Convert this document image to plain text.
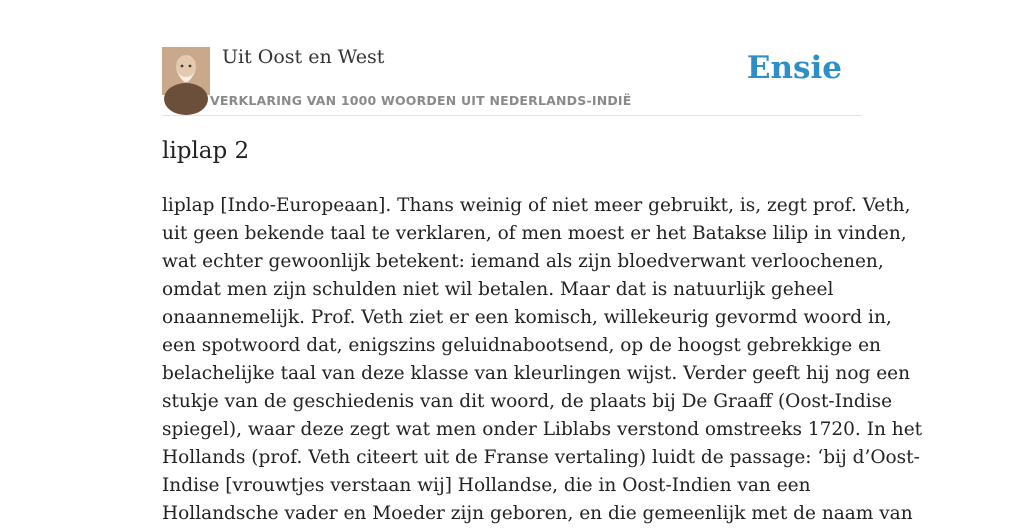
Uit Oost en West
VERKLARING VAN 1000 WOORDEN UIT NEDERLANDS-INDIË
Ensie
liplap 2
liplap [Indo-Europeaan]. Thans weinig of niet meer gebruikt, is, zegt prof. Veth,
uit geen bekende taal te verklaren, of men moest er het Batakse lilip in vinden,
wat echter gewoonlijk betekent: iemand als zijn bloedverwant verloochenen,
omdat men zijn schulden niet wil betalen. Maar dat is natuurlijk geheel
onaannemelijk. Prof. Veth ziet er een komisch, willekeurig gevormd woord in,
een spotwoord dat, enigszins geluidnabootsend, op de hoogst gebrekkige en
belachelijke taal van deze klasse van kleurlingen wijst. Verder geeft hij nog een
stukje van de geschiedenis van dit woord, de plaats bij De Graaff (Oost-Indise
spiegel), waar deze zegt wat men onder Liblabs verstond omstreeks 1720. In het
Hollands (prof. Veth citeert uit de Franse vertaling) luidt de passage: ‘bij d’Oost-
Indise [vrouwtjes verstaan wij] Hollandse, die in Oost-Indien van een
Hollandsche vader en Moeder zijn geboren, en die gemeenlijk met de naam van
